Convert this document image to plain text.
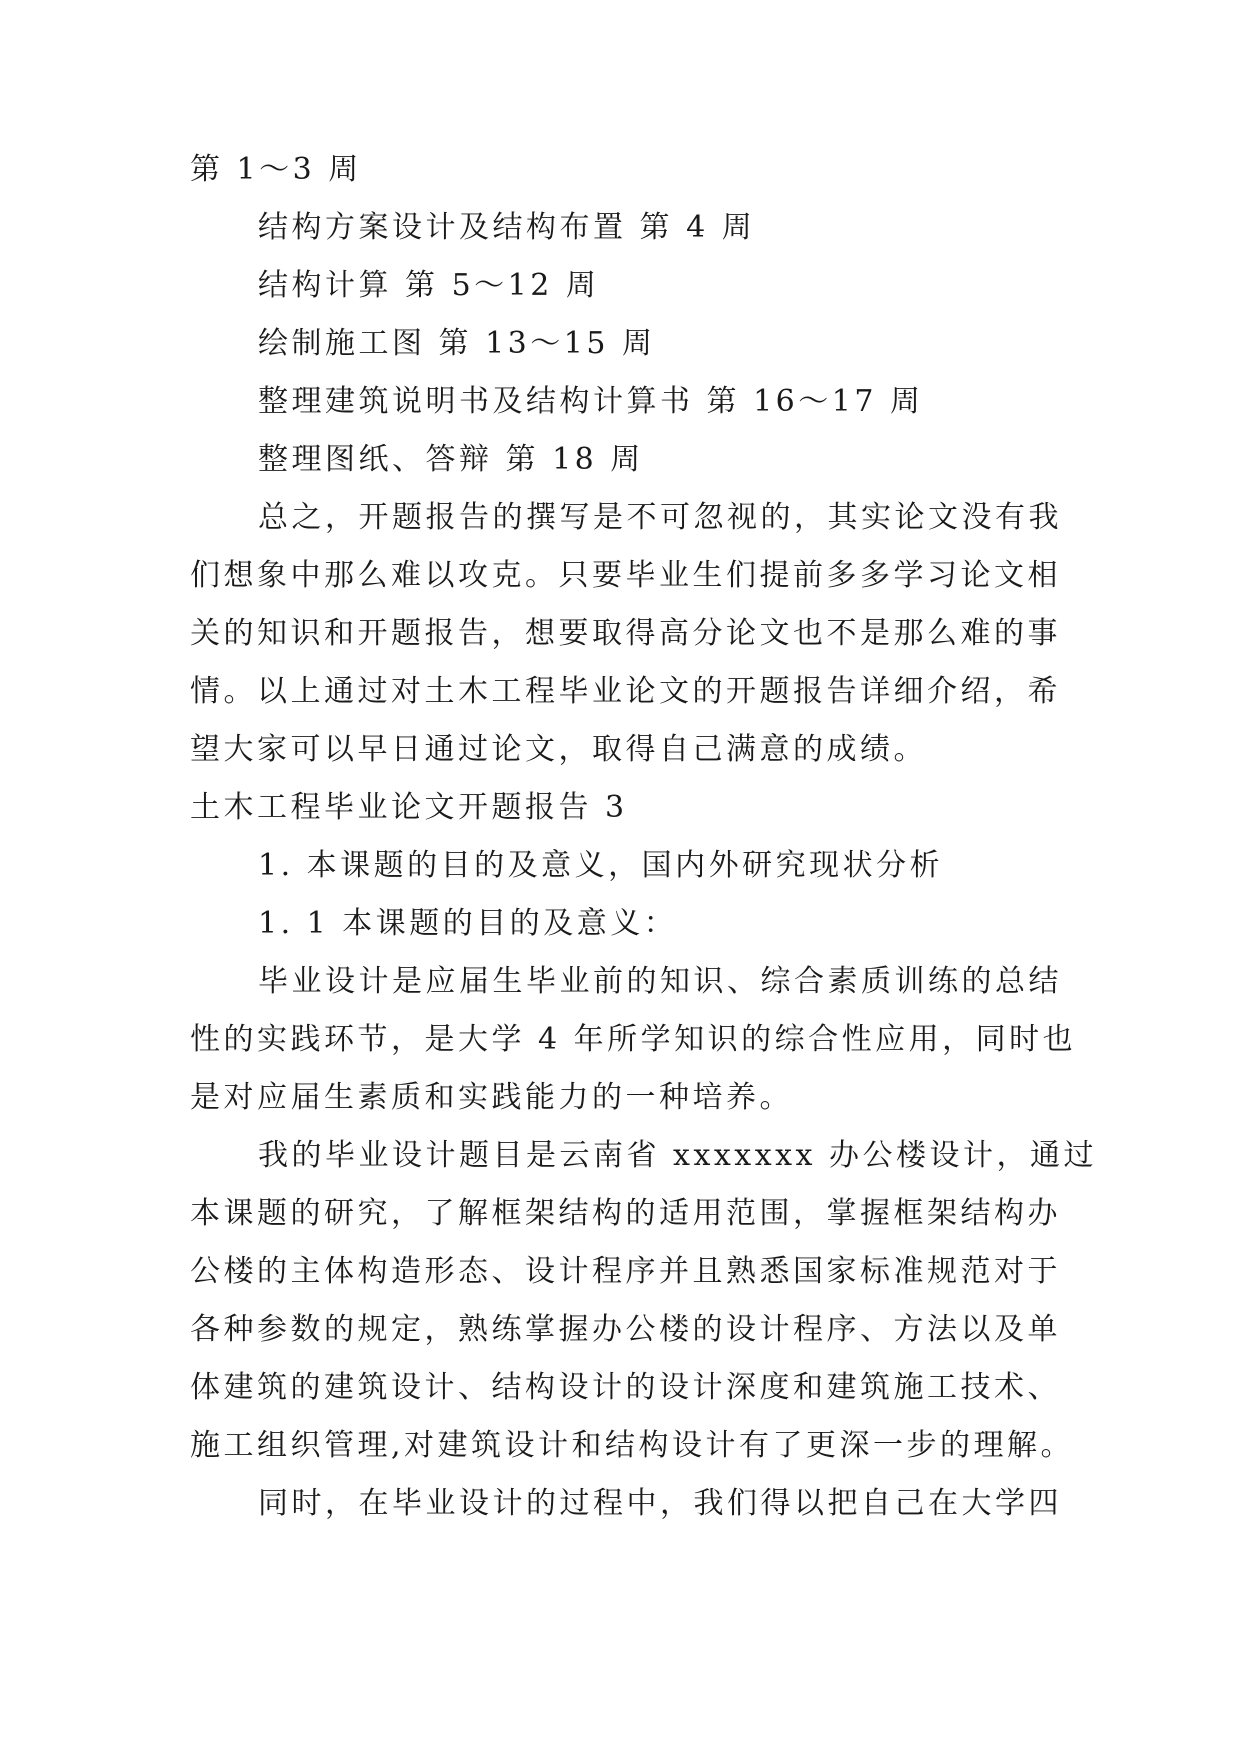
第 1～3 周
结构方案设计及结构布置 第 4 周
结构计算 第 5～12 周
绘制施工图 第 13～15 周
整理建筑说明书及结构计算书 第 16～17 周
整理图纸、答辩 第 18 周
总之，开题报告的撰写是不可忽视的，其实论文没有我
们想象中那么难以攻克。只要毕业生们提前多多学习论文相
关的知识和开题报告，想要取得高分论文也不是那么难的事
情。以上通过对土木工程毕业论文的开题报告详细介绍，希
望大家可以早日通过论文，取得自己满意的成绩。
土木工程毕业论文开题报告 3
1. 本课题的目的及意义，国内外研究现状分析
1. 1 本课题的目的及意义：
毕业设计是应届生毕业前的知识、综合素质训练的总结
性的实践环节，是大学 4 年所学知识的综合性应用，同时也
是对应届生素质和实践能力的一种培养。
我的毕业设计题目是云南省 xxxxxxx 办公楼设计，通过
本课题的研究，了解框架结构的适用范围，掌握框架结构办
公楼的主体构造形态、设计程序并且熟悉国家标准规范对于
各种参数的规定，熟练掌握办公楼的设计程序、方法以及单
体建筑的建筑设计、结构设计的设计深度和建筑施工技术、
施工组织管理,对建筑设计和结构设计有了更深一步的理解。
同时，在毕业设计的过程中，我们得以把自己在大学四
